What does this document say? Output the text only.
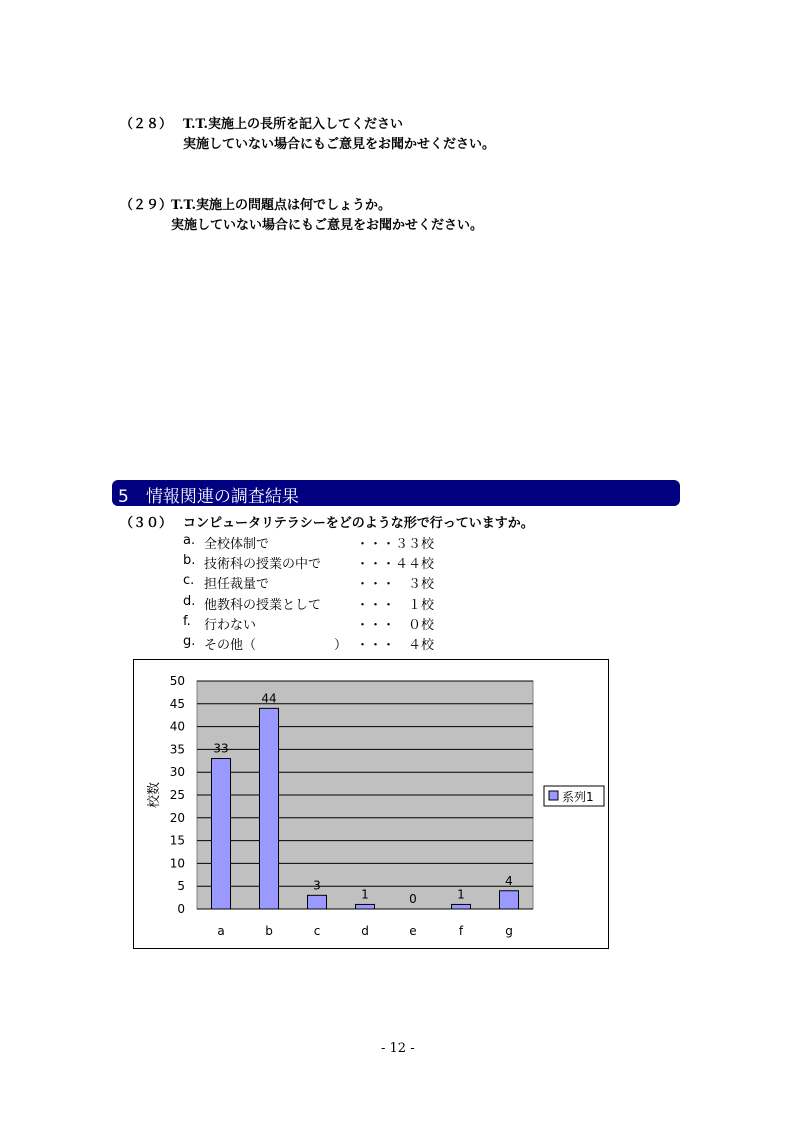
（２８） T.T.実施上の長所を記入してください
実施していない場合にもご意見をお聞かせください。
（２９）
T.T.実施上の問題点は何でしょうか。
実施していない場合にもご意見をお聞かせください。
5　情報関連の調査結果
（３０） コンピュータリテラシーをどのような形で行っていますか。
a. 全校体制で	・・・３３校
b. 技術科の授業の中で	・・・４４校
c. 担任裁量で	・・・　３校
d. 他教科の授業として	・・・　１校
f. 行わない	・・・　０校
g. その他（　　　　　　） ・・・　４校
0
5
10
15
20
25
30
35
40
45
50
33
44
3
1	0	1
4
a	b	c	d	e	f	g
校数	系列1
- 12 -
